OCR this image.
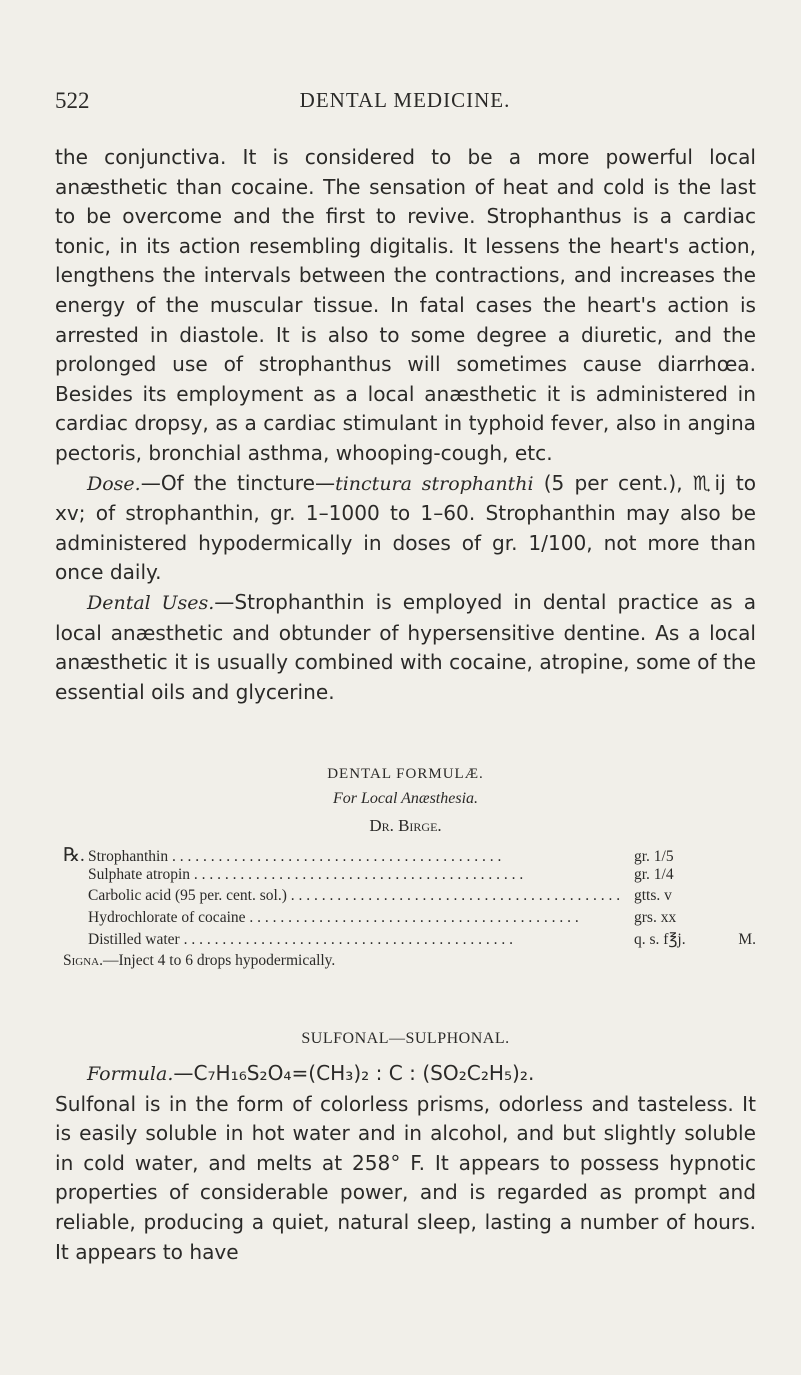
522	DENTAL MEDICINE.

the conjunctiva. It is considered to be a more powerful local anæsthetic than cocaine. The sensation of heat and cold is the last to be overcome and the first to revive. Strophanthus is a cardiac tonic, in its action resembling digitalis. It lessens the heart's action, lengthens the intervals between the contractions, and increases the energy of the muscular tissue. In fatal cases the heart's action is arrested in diastole. It is also to some degree a diuretic, and the prolonged use of strophanthus will sometimes cause diarrhœa. Besides its employment as a local anæsthetic it is administered in cardiac dropsy, as a cardiac stimulant in typhoid fever, also in angina pectoris, bronchial asthma, whooping-cough, etc.

Dose.—Of the tincture—tinctura strophanthi (5 per cent.), ♏ij to xv; of strophanthin, gr. 1–1000 to 1–60. Strophanthin may also be administered hypodermically in doses of gr. 1/100, not more than once daily.

Dental Uses.—Strophanthin is employed in dental practice as a local anæsthetic and obtunder of hypersensitive dentine. As a local anæsthetic it is usually combined with cocaine, atropine, some of the essential oils and glycerine.

DENTAL FORMULÆ.
For Local Anæsthesia.
Dr. Birge.
℞. Strophanthin . . .	gr. 1/5
Sulphate atropin . . .	gr. 1/4
Carbolic acid (95 per. cent. sol.) . . .	gtts. v
Hydrochlorate of cocaine . . .	grs. xx
Distilled water . . .	q. s. f℥j.	M.
Signa.—Inject 4 to 6 drops hypodermically.
SULFONAL—SULPHONAL.

Formula.—C₇H₁₆S₂O₄=(CH₃)₂ : C : (SO₂C₂H₅)₂.

Sulfonal is in the form of colorless prisms, odorless and tasteless. It is easily soluble in hot water and in alcohol, and but slightly soluble in cold water, and melts at 258° F. It appears to possess hypnotic properties of considerable power, and is regarded as prompt and reliable, producing a quiet, natural sleep, lasting a number of hours. It appears to have
